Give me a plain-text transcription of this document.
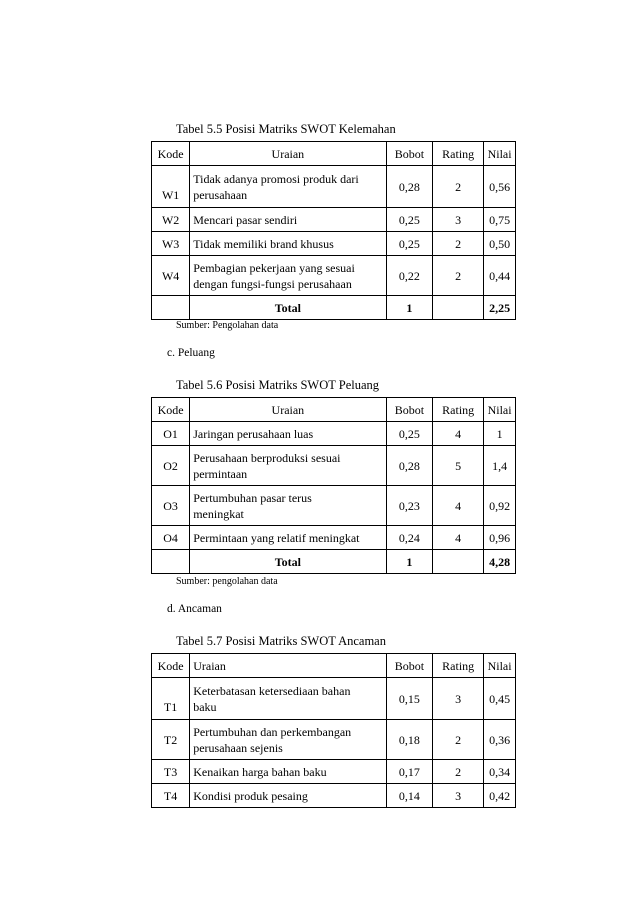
Tabel 5.5 Posisi Matriks SWOT Kelemahan
Kode	Uraian	Bobot	Rating	Nilai
W1	Tidak adanya promosi produk dari
perusahaan	0,28	2	0,56
W2	Mencari pasar sendiri	0,25	3	0,75
W3	Tidak memiliki brand khusus	0,25	2	0,50
W4	Pembagian pekerjaan yang sesuai
dengan fungsi-fungsi perusahaan	0,22	2	0,44
	Total	1		2,25
Sumber: Pengolahan data
c. Peluang
Tabel 5.6 Posisi Matriks SWOT Peluang
Kode	Uraian	Bobot	Rating	Nilai
O1	Jaringan perusahaan luas	0,25	4	1
O2	Perusahaan berproduksi sesuai
permintaan	0,28	5	1,4
O3	Pertumbuhan pasar terus
meningkat	0,23	4	0,92
O4	Permintaan yang relatif meningkat	0,24	4	0,96
	Total	1		4,28
Sumber: pengolahan data
d. Ancaman
Tabel 5.7 Posisi Matriks SWOT Ancaman
Kode	Uraian	Bobot	Rating	Nilai
T1	Keterbatasan ketersediaan bahan
baku	0,15	3	0,45
T2	Pertumbuhan dan perkembangan
perusahaan sejenis	0,18	2	0,36
T3	Kenaikan harga bahan baku	0,17	2	0,34
T4	Kondisi produk pesaing	0,14	3	0,42
